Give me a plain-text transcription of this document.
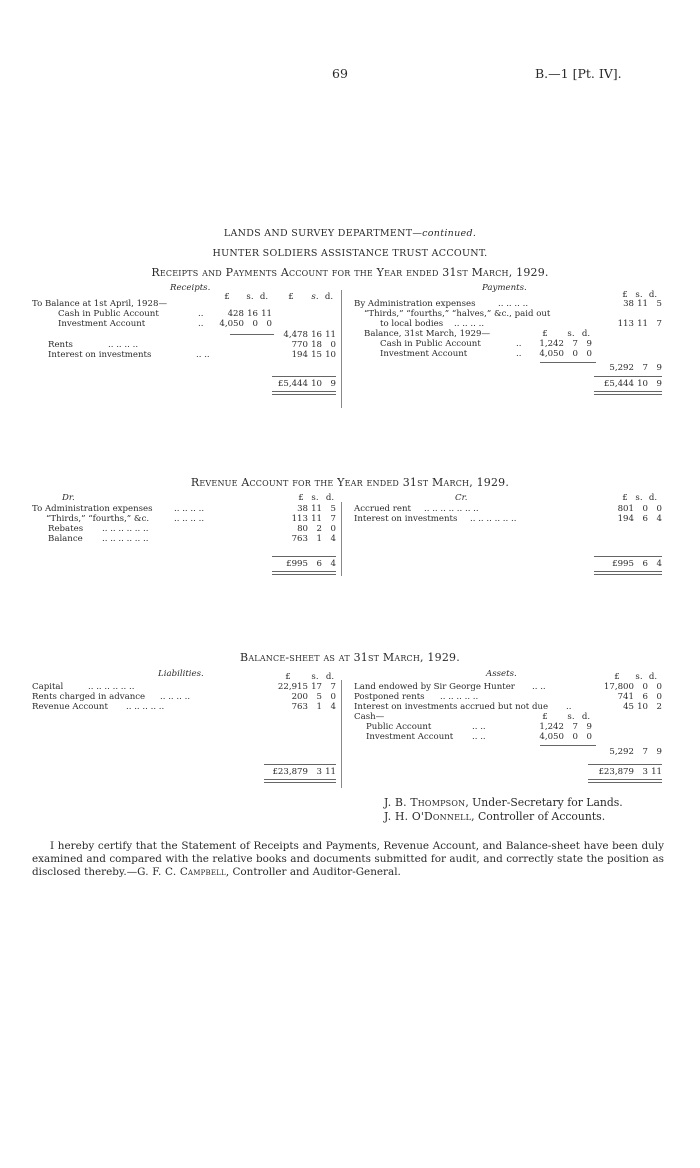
69	B.—1 [Pt. IV].
LANDS AND SURVEY DEPARTMENT—continued.
HUNTER SOLDIERS ASSISTANCE TRUST ACCOUNT.
Receipts and Payments Account for the Year ended 31st March, 1929.
Receipts.	Payments.
£ s. d. £ s. d.	£ s. d.
To Balance at 1st April, 1928—
Cash in Public Account	..	428 16 11
Investment Account	..	4,050 0 0
4,478 16 11
Rents	.. .. .. ..	770 18 0
Interest on investments	.. ..	194 15 10
£5,444 10 9
By Administration expenses	.. .. .. ..	38 11 5
“Thirds,” “fourths,” “halves,” &c., paid out
to local bodies .. .. .. ..	113 11 7
Balance, 31st March, 1929—	£ s. d.
Cash in Public Account	..	1,242 7 9
Investment Account	..	4,050 0 0
5,292 7 9
£5,444 10 9
Revenue Account for the Year ended 31st March, 1929.
Dr.	Cr.
£ s. d.	£ s. d.
To Administration expenses .. .. .. ..	38 11 5
“Thirds,” “fourths,” &c.	.. .. .. ..	113 11 7
Rebates .. .. .. .. .. ..	80 2 0
Balance .. .. .. .. .. ..	763 1 4
£995 6 4
Accrued rent .. .. .. .. .. .. ..	801 0 0
Interest on investments .. .. .. .. .. ..	194 6 4
£995 6 4
Balance-sheet as at 31st March, 1929.
Liabilities.	Assets.
£ s. d.	£ s. d.
Capital	.. .. .. .. .. ..	22,915 17 7
Rents charged in advance .. .. .. ..	200 5 0
Revenue Account .. .. .. .. ..	763 1 4
£23,879 3 11
Land endowed by Sir George Hunter .. ..	17,800 0 0
Postponed rents .. .. .. .. ..	741 6 0
Interest on investments accrued but not due ..	45 10 2
Cash—	£ s. d.
Public Account	.. ..	1,242 7 9
Investment Account .. ..	4,050 0 0
5,292 7 9
£23,879 3 11
J. B. Thompson, Under-Secretary for Lands.
J. H. O'Donnell, Controller of Accounts.
I hereby certify that the Statement of Receipts and Payments, Revenue Account, and Balance-sheet have been duly examined and compared with the relative books and documents submitted for audit, and correctly state the position as disclosed thereby.—G. F. C. Campbell, Controller and Auditor-General.
